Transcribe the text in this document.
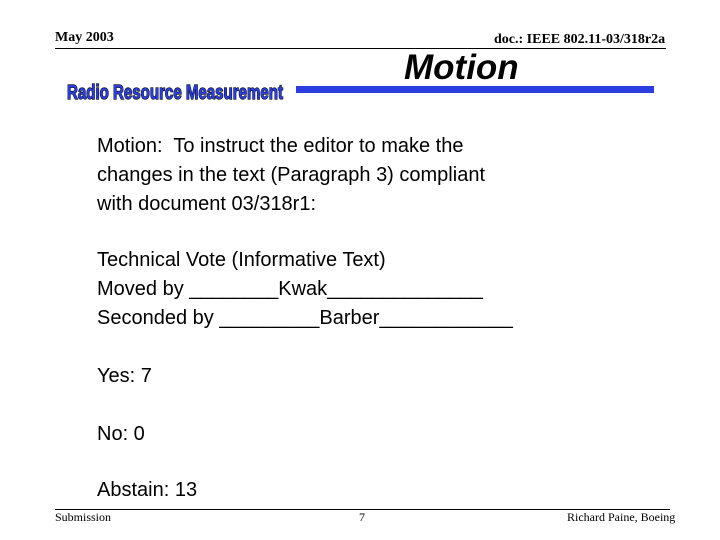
May 2003	doc.: IEEE 802.11-03/318r2a
Radio Resource Measurement
Motion
Motion:  To instruct the editor to make the
changes in the text (Paragraph 3) compliant
with document 03/318r1:
Technical Vote (Informative Text)
Moved by ________Kwak______________
Seconded by _________Barber____________
Yes: 7
No: 0
Abstain: 13
Submission	7	Richard Paine, Boeing
